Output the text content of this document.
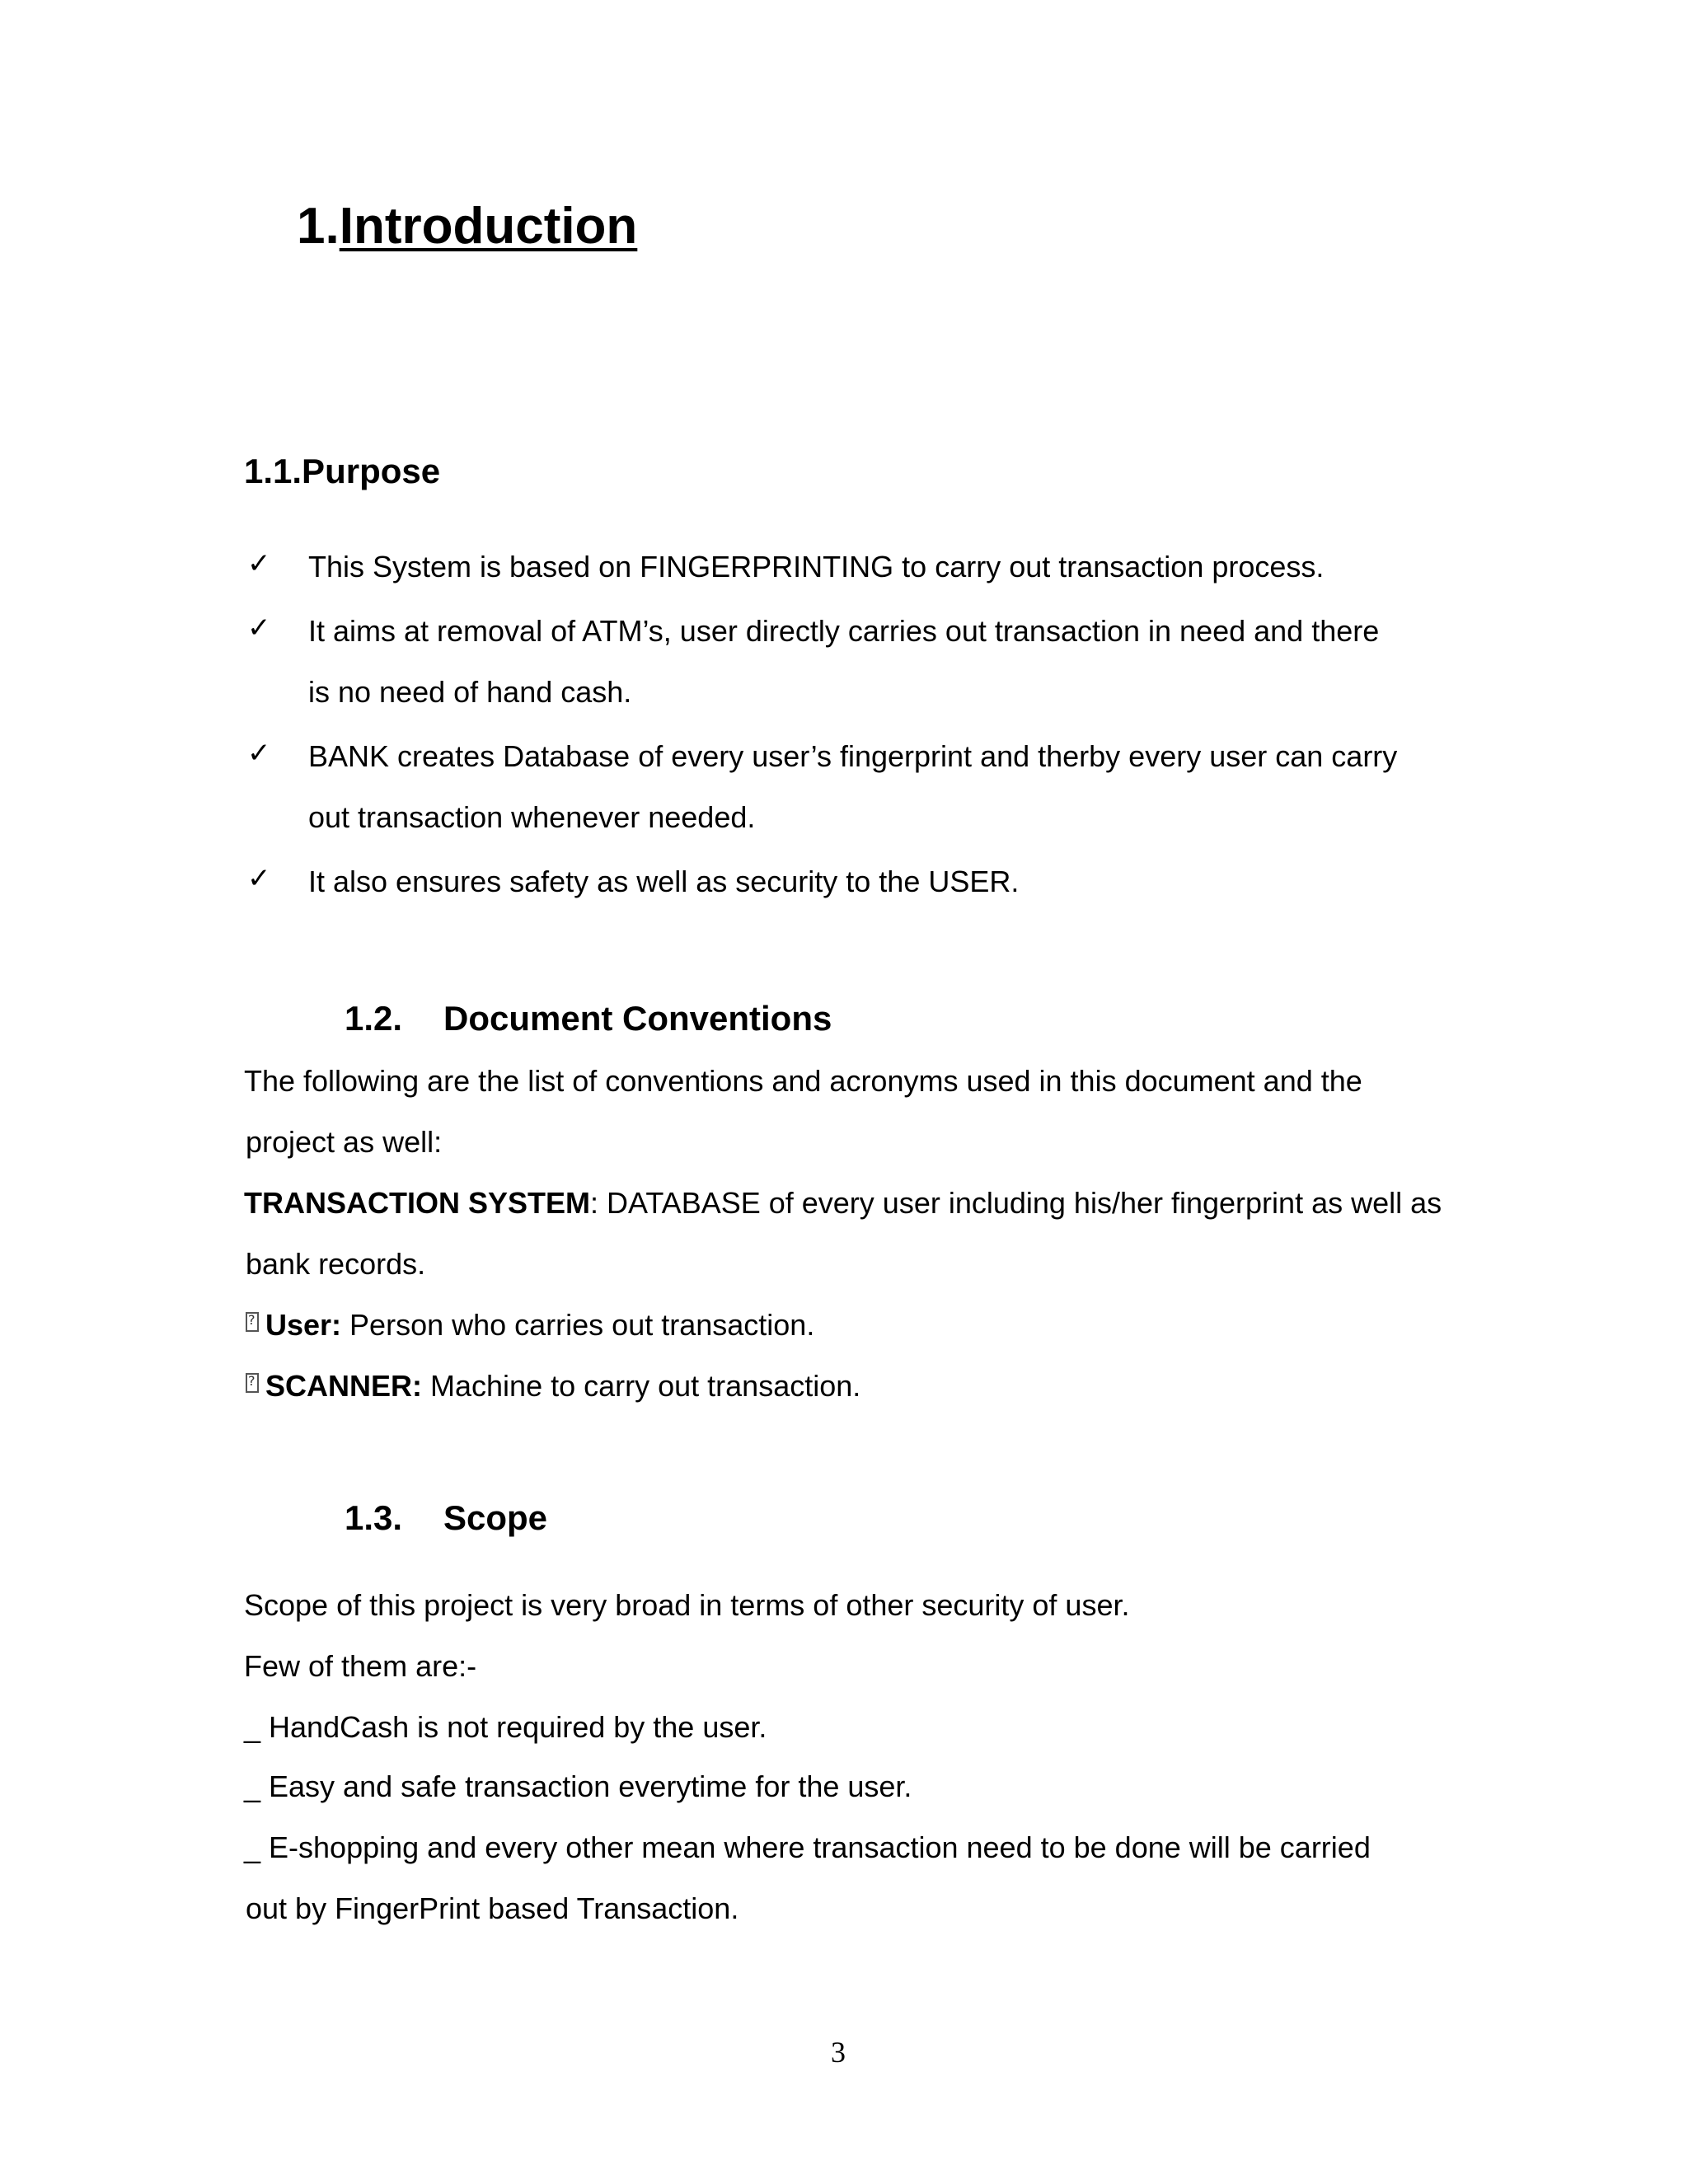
1.Introduction
1.1.Purpose
✓ This System is based on FINGERPRINTING to carry out transaction process.
✓ It aims at removal of ATM’s, user directly carries out transaction in need and there
is no need of hand cash.
✓ BANK creates Database of every user’s fingerprint and therby every user can carry
out transaction whenever needed.
✓ It also ensures safety as well as security to the USER.
1.2. Document Conventions
The following are the list of conventions and acronyms used in this document and the
project as well:
TRANSACTION SYSTEM: DATABASE of every user including his/her fingerprint as well as
bank records.
?User: Person who carries out transaction.
?SCANNER: Machine to carry out transaction.
1.3. Scope
Scope of this project is very broad in terms of other security of user.
Few of them are:-
_ HandCash is not required by the user.
_ Easy and safe transaction everytime for the user.
_ E-shopping and every other mean where transaction need to be done will be carried
out by FingerPrint based Transaction.
3
